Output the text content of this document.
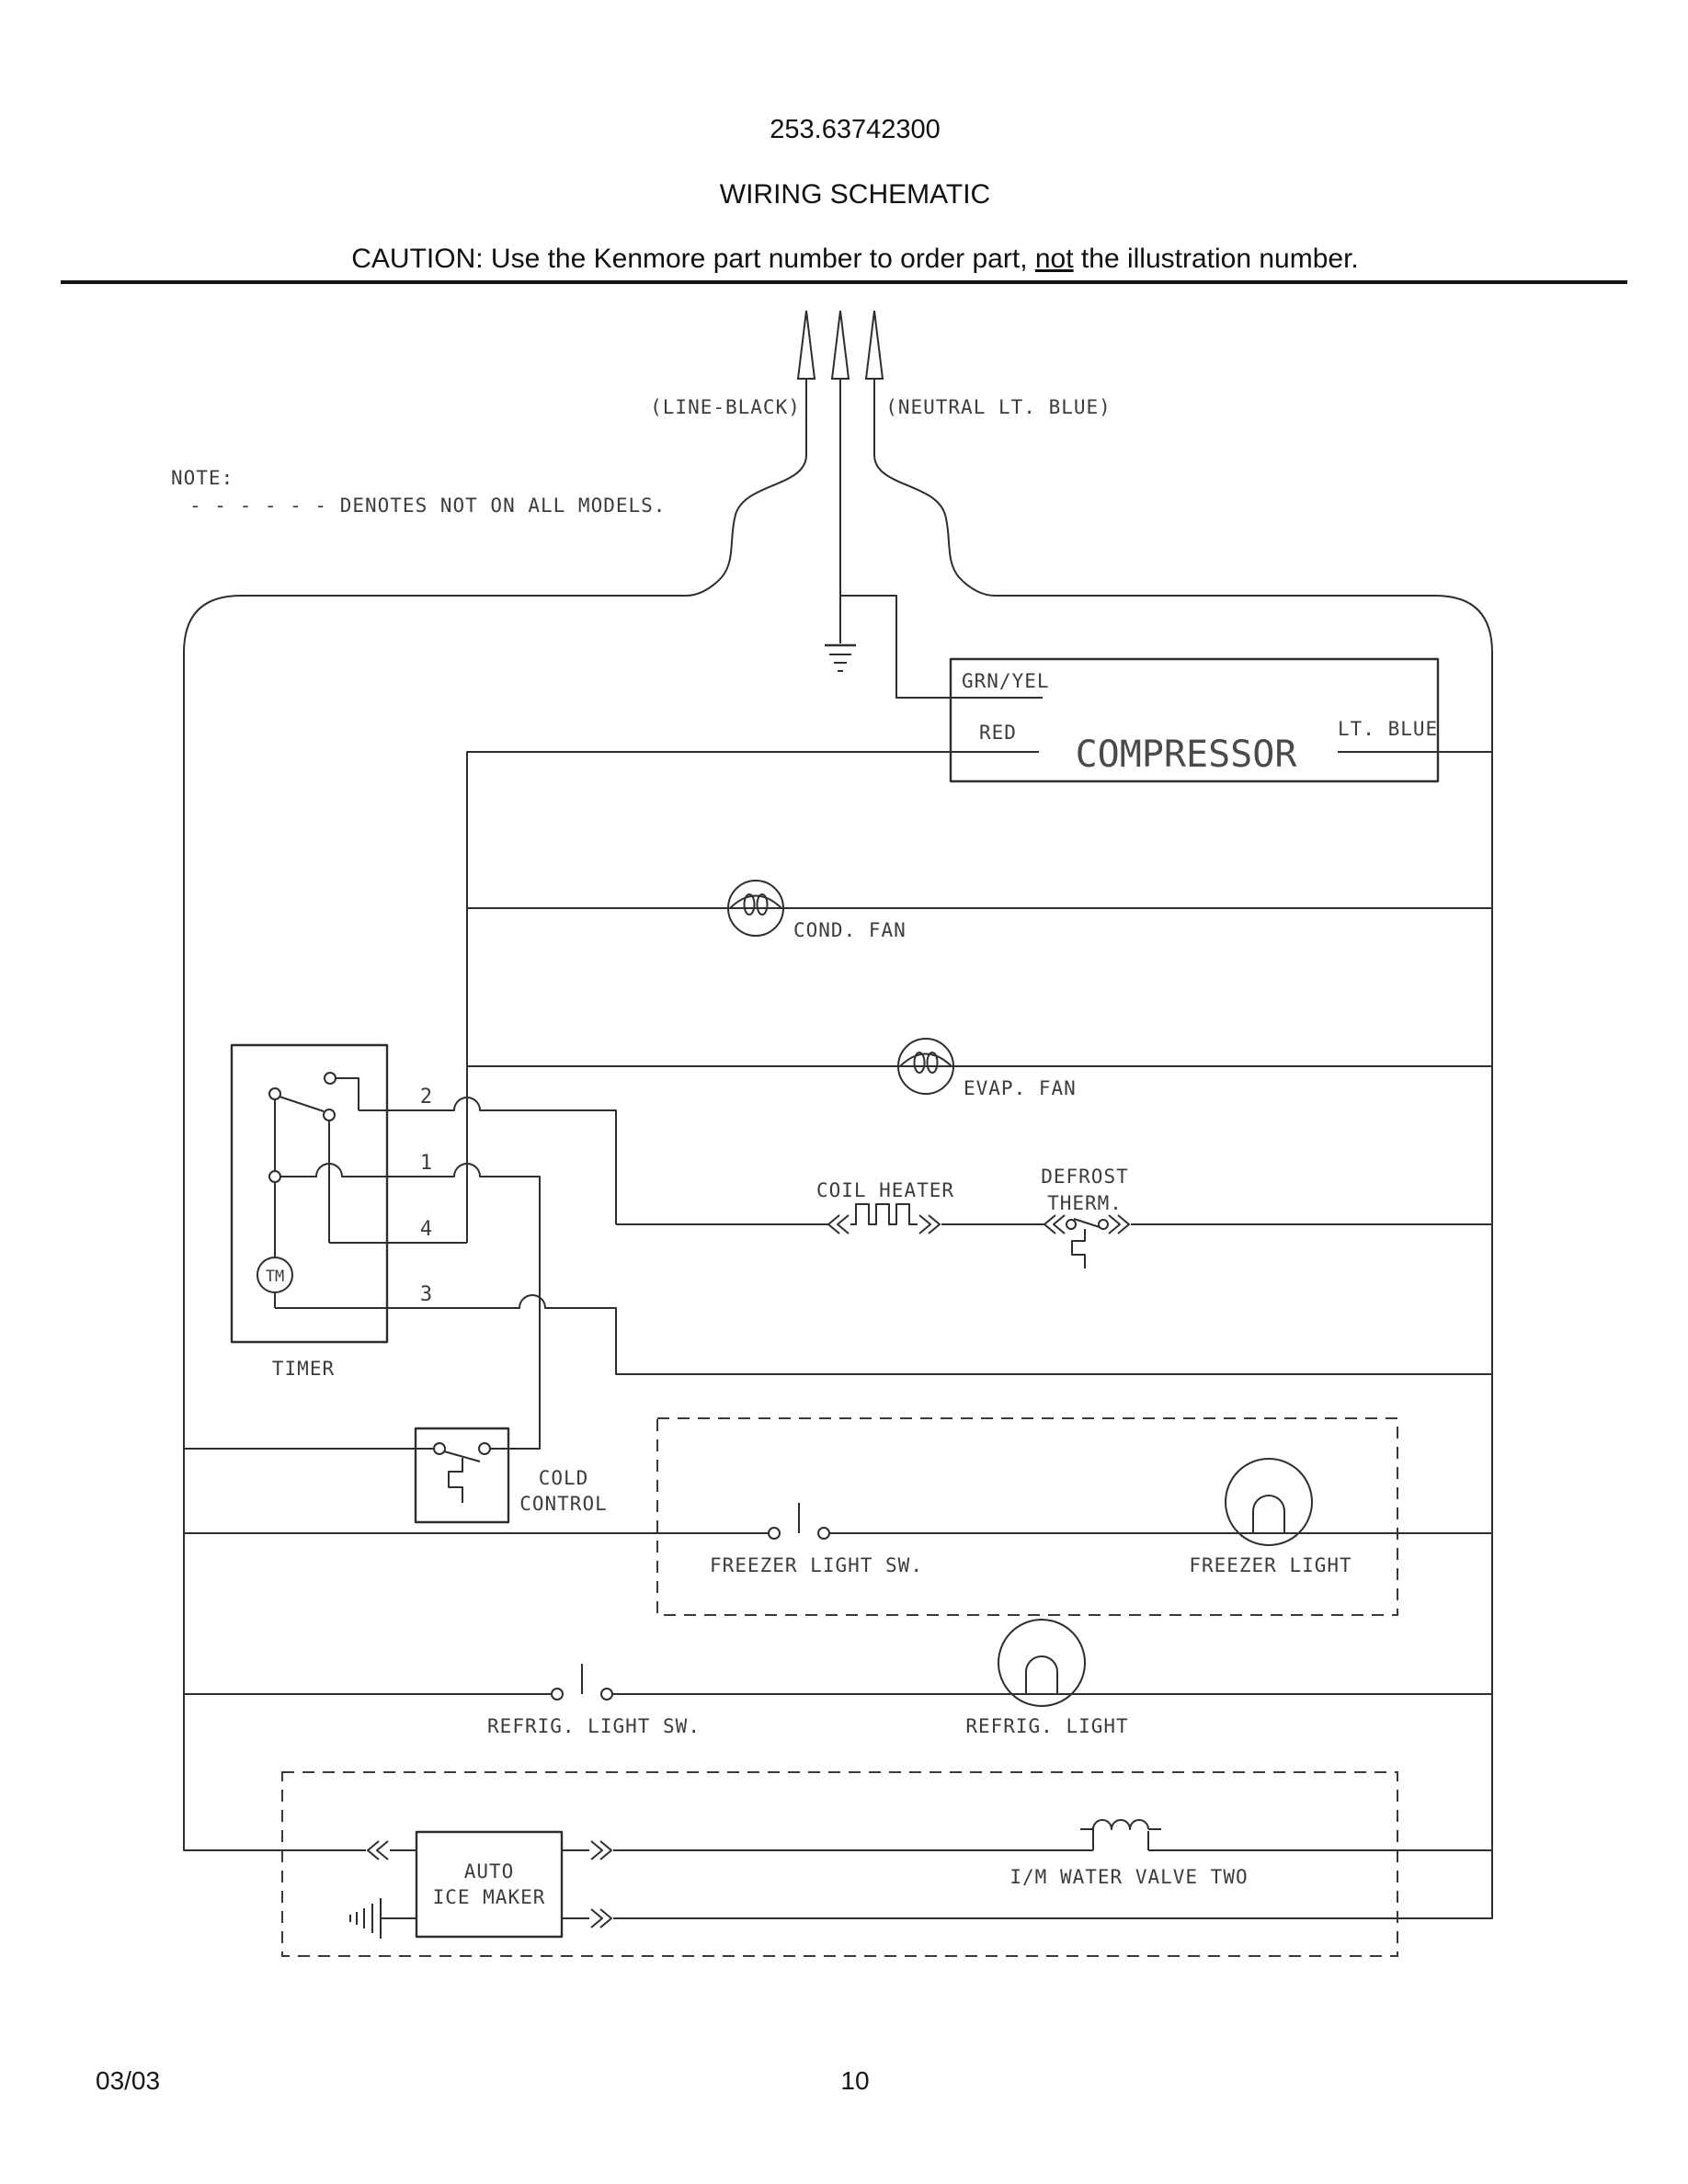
253.63742300
WIRING SCHEMATIC
CAUTION: Use the Kenmore part number to order part, not the illustration number.
NOTE:
- - - - - - DENOTES NOT ON ALL MODELS.
(LINE-BLACK)	(NEUTRAL LT. BLUE)
GRN/YEL
RED	LT. BLUE
COMPRESSOR
COND. FAN
EVAP. FAN
TIMER
2
1
4
TM
3
COIL HEATER
DEFROST
THERM.
COLD
CONTROL
FREEZER LIGHT SW.	FREEZER LIGHT
REFRIG. LIGHT SW.	REFRIG. LIGHT
AUTO
ICE MAKER
I/M WATER VALVE TWO
03/03	10
